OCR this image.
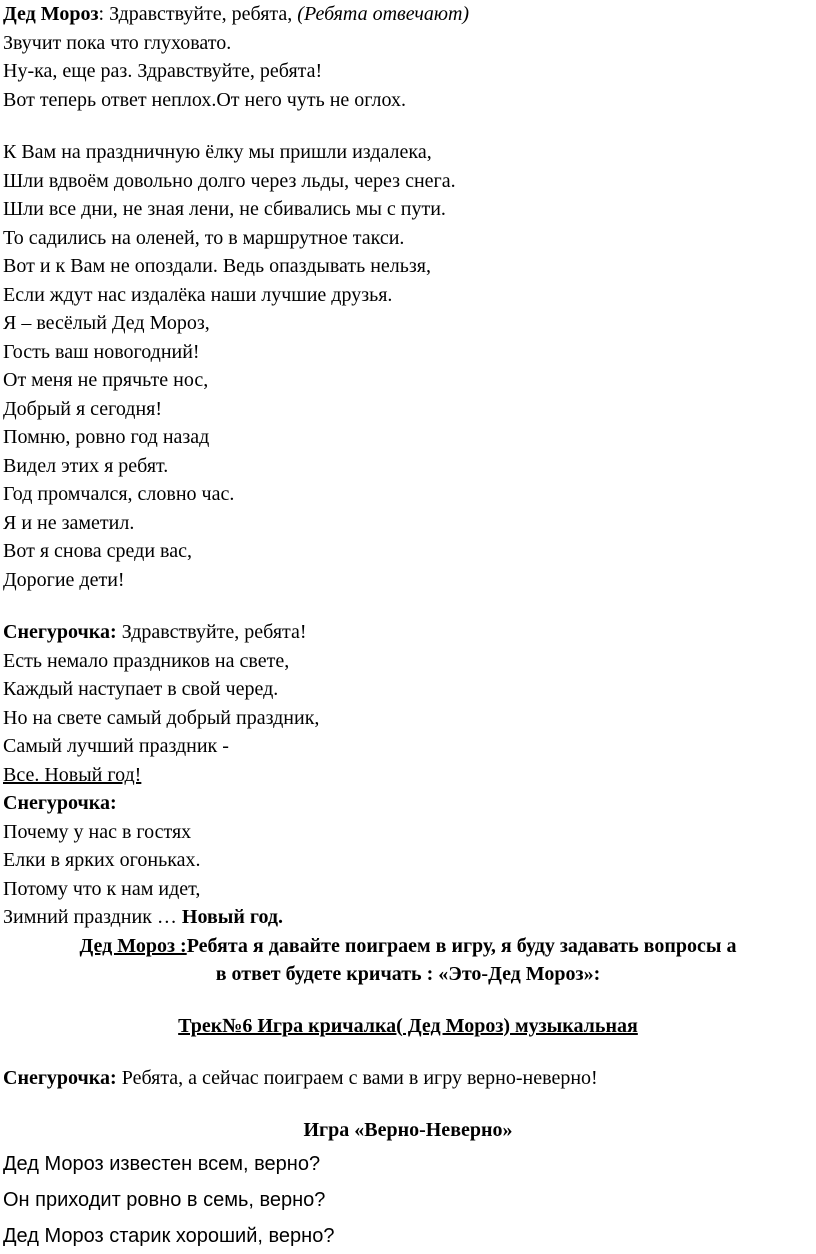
Дед Мороз: Здравствуйте, ребята, (Ребята отвечают)
Звучит пока что глуховато.
Ну-ка, еще раз. Здравствуйте, ребята!
Вот теперь ответ неплох.От него чуть не оглох.
К Вам на праздничную ёлку мы пришли издалека,
Шли вдвоём довольно долго через льды, через снега.
Шли все дни, не зная лени, не сбивались мы с пути.
То садились на оленей, то в маршрутное такси.
Вот и к Вам не опоздали. Ведь опаздывать нельзя,
Если ждут нас издалёка наши лучшие друзья.
Я – весёлый Дед Мороз,
Гость ваш новогодний!
От меня не прячьте нос,
Добрый я сегодня!
Помню, ровно год назад
Видел этих я ребят.
Год промчался, словно час.
Я и не заметил.
Вот я снова среди вас,
Дорогие дети!
Снегурочка: Здравствуйте, ребята!
Есть немало праздников на свете,
Каждый наступает в свой черед.
Но на свете самый добрый праздник,
Самый лучший праздник -
Все. Новый год!
Снегурочка:
Почему у нас в гостях
Елки в ярких огоньках.
Потому что к нам идет,
Зимний праздник … Новый год.
Дед Мороз :Ребята я давайте поиграем в игру, я буду задавать вопросы а
в ответ будете кричать : «Это-Дед Мороз»:
Трек№6 Игра кричалка( Дед Мороз) музыкальная
Снегурочка: Ребята, а сейчас поиграем с вами в игру верно-неверно!
Игра «Верно-Неверно»
Дед Мороз известен всем, верно?
Он приходит ровно в семь, верно?
Дед Мороз старик хороший, верно?
